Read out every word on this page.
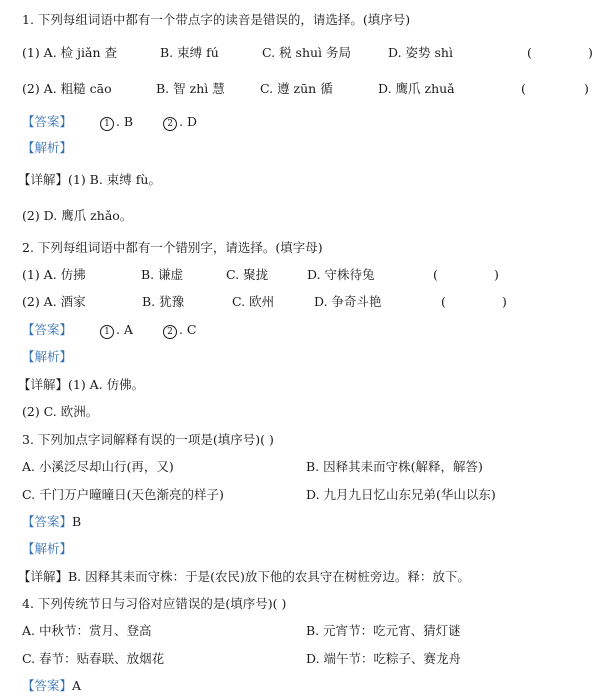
1. 下列每组词语中都有一个带点字的读音是错误的，请选择。(填序号)
(1) A. 检 jiǎn 查	B. 束缚 fú	C. 税 shuì 务局	D. 姿势 shì	(	)
(2) A. 粗糙 cāo	B. 智 zhì 慧	C. 遵 zūn 循	D. 鹰爪 zhuǎ	(	)
【答案】	1 . B	2 . D
【解析】
【详解】(1) B. 束缚 fù。
(2) D. 鹰爪 zhǎo。
2. 下列每组词语中都有一个错别字，请选择。(填字母)
(1) A. 仿拂	B. 谦虚	C. 聚拢	D. 守株待兔	(	)
(2) A. 酒家	B. 犹豫	C. 欧州	D. 争奇斗艳	(	)
【答案】	1 . A	2 . C
【解析】
【详解】(1) A. 仿佛。
(2) C. 欧洲。
3. 下列加点字词解释有误的一项是(填序号)( )
A. 小溪泛尽却山行(再，又)	B. 因释其耒而守株(解释，解答)
C. 千门万户曈曈日(天色渐亮的样子)	D. 九月九日忆山东兄弟(华山以东)
【答案】B
【解析】
【详解】B. 因释其耒而守株：于是(农民)放下他的农具守在树桩旁边。释：放下。
4. 下列传统节日与习俗对应错误的是(填序号)( )
A. 中秋节：赏月、登高	B. 元宵节：吃元宵、猜灯谜
C. 春节：贴春联、放烟花	D. 端午节：吃粽子、赛龙舟
【答案】A
